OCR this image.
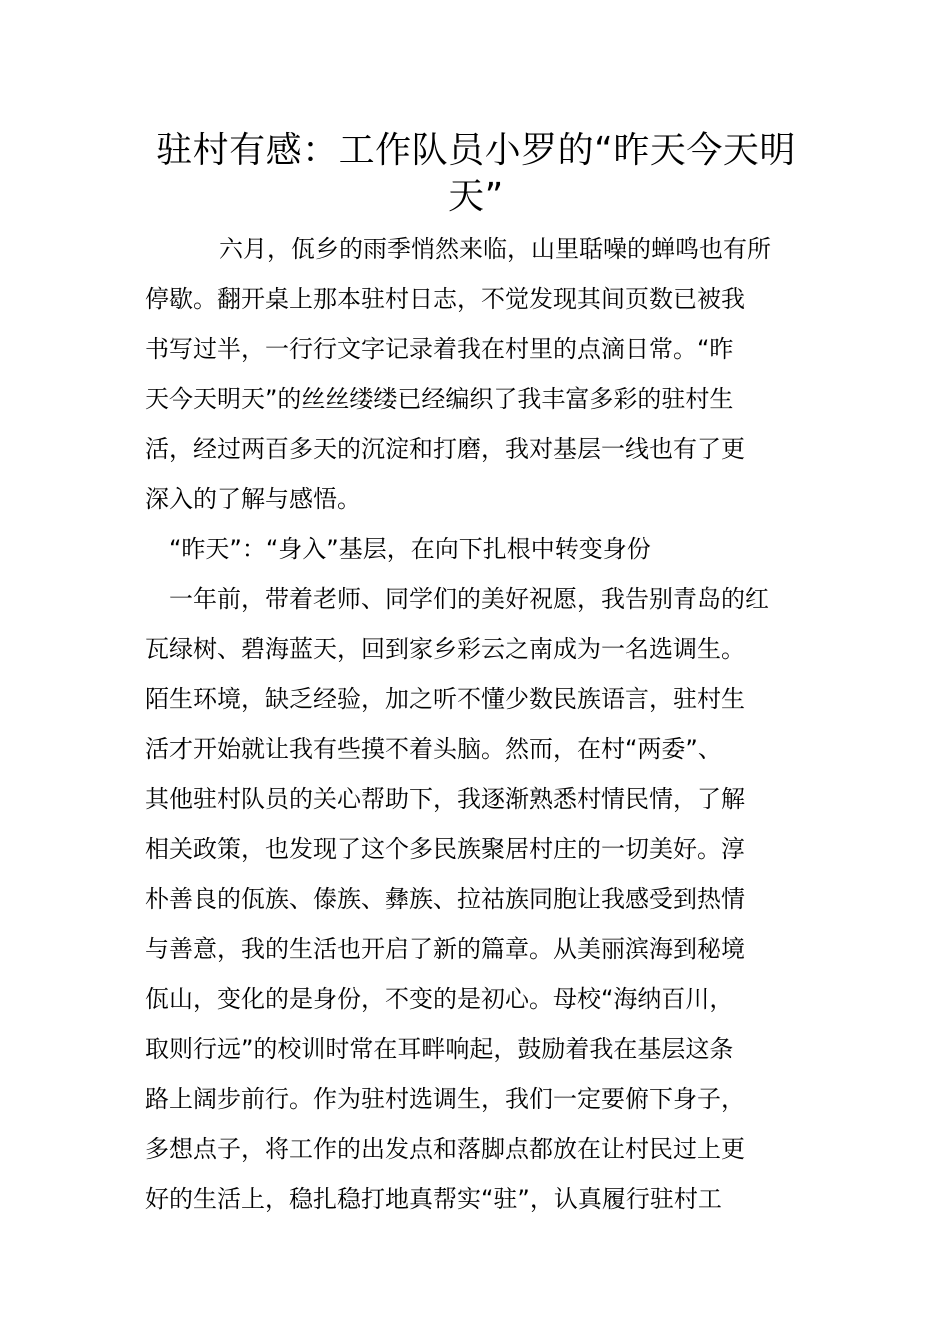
驻村有感：工作队员小罗的“昨天今天明
天”
六月，佤乡的雨季悄然来临，山里聒噪的蝉鸣也有所
停歇。翻开桌上那本驻村日志，不觉发现其间页数已被我
书写过半，一行行文字记录着我在村里的点滴日常。“昨
天今天明天”的丝丝缕缕已经编织了我丰富多彩的驻村生
活，经过两百多天的沉淀和打磨，我对基层一线也有了更
深入的了解与感悟。
“昨天”：“身入”基层，在向下扎根中转变身份
一年前，带着老师、同学们的美好祝愿，我告别青岛的红
瓦绿树、碧海蓝天，回到家乡彩云之南成为一名选调生。
陌生环境，缺乏经验，加之听不懂少数民族语言，驻村生
活才开始就让我有些摸不着头脑。然而，在村“两委”、
其他驻村队员的关心帮助下，我逐渐熟悉村情民情，了解
相关政策，也发现了这个多民族聚居村庄的一切美好。淳
朴善良的佤族、傣族、彝族、拉祜族同胞让我感受到热情
与善意，我的生活也开启了新的篇章。从美丽滨海到秘境
佤山，变化的是身份，不变的是初心。母校“海纳百川，
取则行远”的校训时常在耳畔响起，鼓励着我在基层这条
路上阔步前行。作为驻村选调生，我们一定要俯下身子，
多想点子，将工作的出发点和落脚点都放在让村民过上更
好的生活上，稳扎稳打地真帮实“驻”，认真履行驻村工
